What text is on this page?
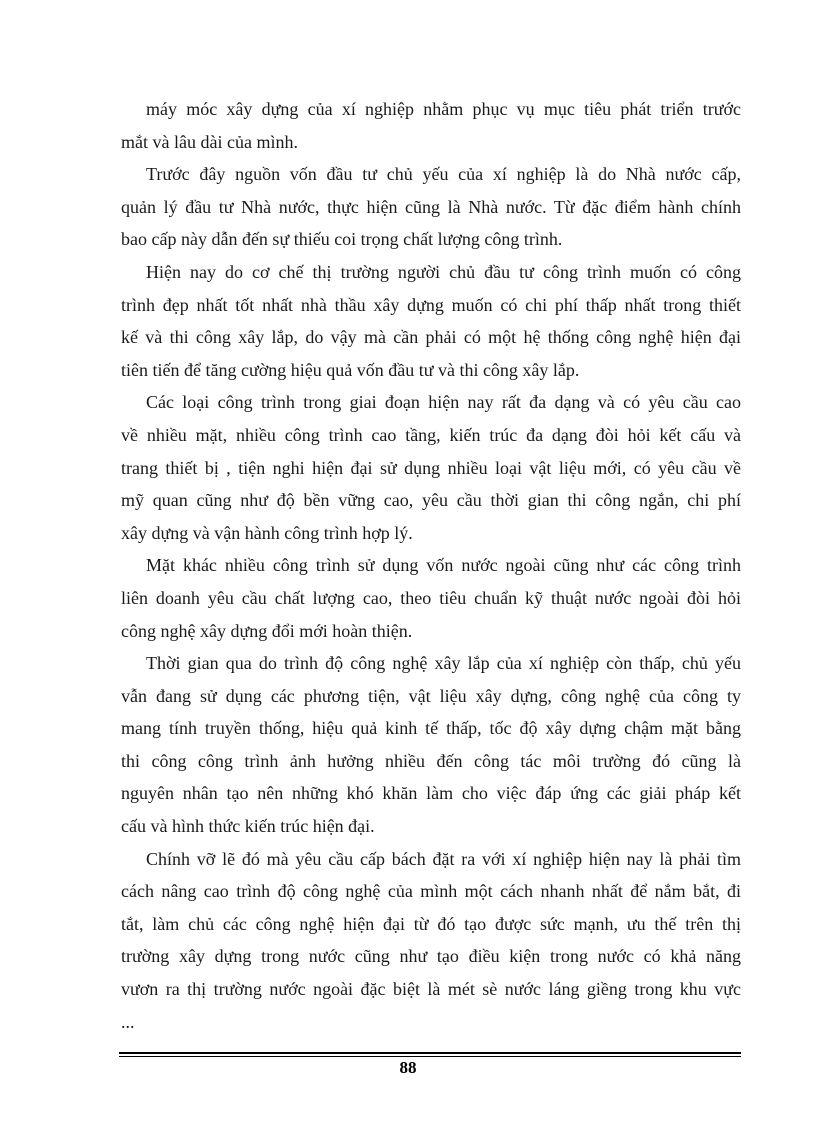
máy móc xây dựng của xí nghiệp nhằm phục vụ mục tiêu phát triển trước
mắt và lâu dài của mình.

Trước đây nguồn vốn đầu tư chủ yếu của xí nghiệp là do Nhà nước cấp,
quản lý đầu tư Nhà nước, thực hiện cũng là Nhà nước. Từ đặc điểm hành chính
bao cấp này dẫn đến sự thiếu coi trọng chất lượng công trình.

Hiện nay do cơ chế thị trường người chủ đầu tư công trình muốn có công
trình đẹp nhất tốt nhất nhà thầu xây dựng muốn có chi phí thấp nhất trong thiết
kế và thi công xây lắp, do vậy mà cần phải có một hệ thống công nghệ hiện đại
tiên tiến để tăng cường hiệu quả vốn đầu tư và thi công xây lắp.

Các loại công trình trong giai đoạn hiện nay rất đa dạng và có yêu cầu cao
về nhiều mặt, nhiều công trình cao tầng, kiến trúc đa dạng đòi hỏi kết cấu và
trang thiết bị , tiện nghi hiện đại sử dụng nhiều loại vật liệu mới, có yêu cầu về
mỹ quan cũng như độ bền vững cao, yêu cầu thời gian thi công ngắn, chi phí
xây dựng và vận hành công trình hợp lý.

Mặt khác nhiều công trình sử dụng vốn nước ngoài cũng như các công trình
liên doanh yêu cầu chất lượng cao, theo tiêu chuẩn kỹ thuật nước ngoài đòi hỏi
công nghệ xây dựng đổi mới hoàn thiện.

Thời gian qua do trình độ công nghệ xây lắp của xí nghiệp còn thấp, chủ yếu
vẫn đang sử dụng các phương tiện, vật liệu xây dựng, công nghệ của công ty
mang tính truyền thống, hiệu quả kinh tế thấp, tốc độ xây dựng chậm mặt bằng
thi công công trình ảnh hưởng nhiều đến công tác môi trường đó cũng là
nguyên nhân tạo nên những khó khăn làm cho việc đáp ứng các giải pháp kết
cấu và hình thức kiến trúc hiện đại.

Chính vỡ lẽ đó mà yêu cầu cấp bách đặt ra với xí nghiệp hiện nay là phải tìm
cách nâng cao trình độ công nghệ của mình một cách nhanh nhất để nắm bắt, đi
tắt, làm chủ các công nghệ hiện đại từ đó tạo được sức mạnh, ưu thế trên thị
trường xây dựng trong nước cũng như tạo điều kiện trong nước có khả năng
vươn ra thị trường nước ngoài đặc biệt là mét sè nước láng giềng trong khu vực
...

88
